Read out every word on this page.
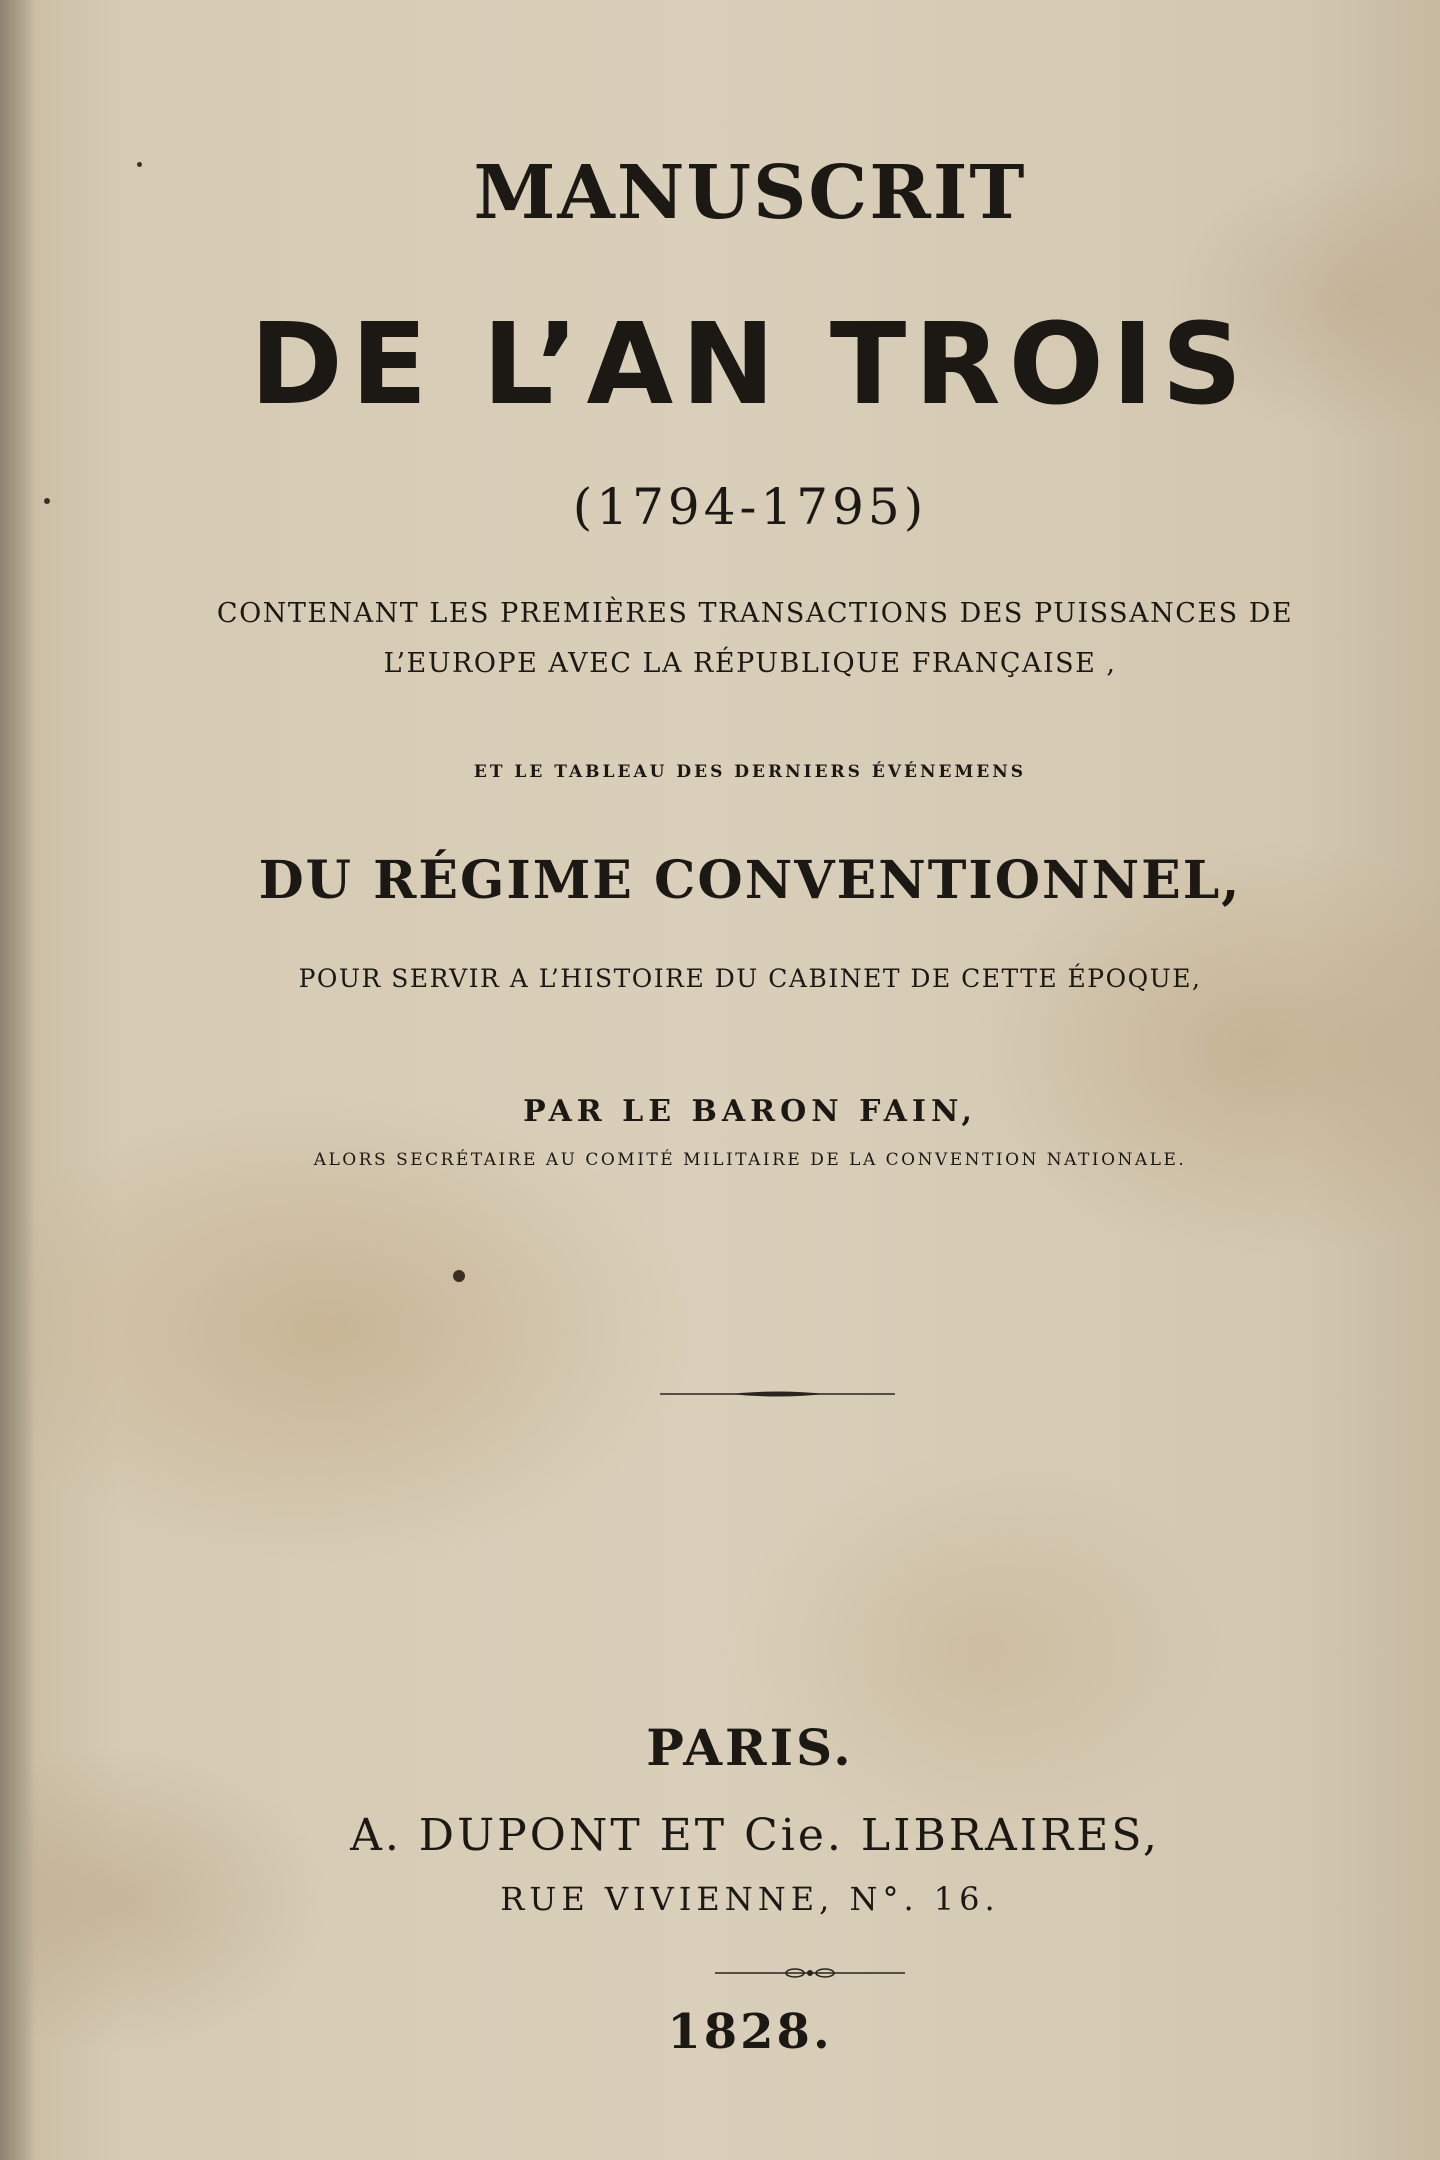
MANUSCRIT

DE L’AN TROIS

(1794-1795)

CONTENANT LES PREMIÈRES TRANSACTIONS DES PUISSANCES DE

L’EUROPE AVEC LA RÉPUBLIQUE FRANÇAISE ,

ET LE TABLEAU DES DERNIERS ÉVÉNEMENS

DU RÉGIME CONVENTIONNEL,

POUR SERVIR A L’HISTOIRE DU CABINET DE CETTE ÉPOQUE,

PAR LE BARON FAIN,

ALORS SECRÉTAIRE AU COMITÉ MILITAIRE DE LA CONVENTION NATIONALE.

PARIS.

A. DUPONT ET Cie. LIBRAIRES,

RUE VIVIENNE, N°. 16.

1828.
